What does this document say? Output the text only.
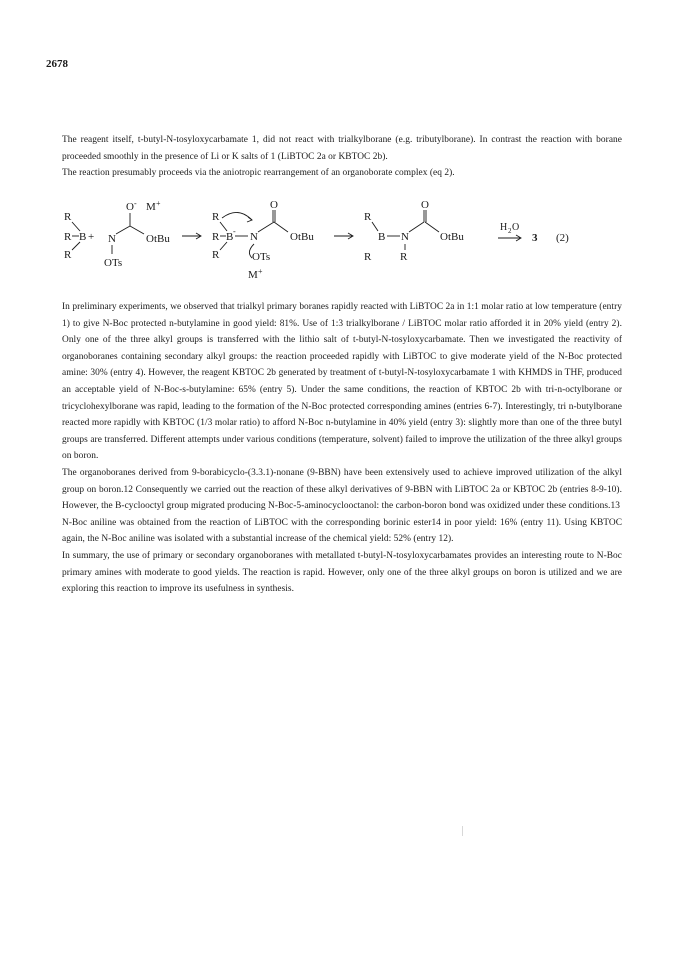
2678

The reagent itself, t-butyl-N-tosyloxycarbamate 1, did not react with trialkylborane (e.g. tributylborane). In contrast the reaction with borane proceeded smoothly in the presence of Li or K salts of 1 (LiBTOC 2a or KBTOC 2b).

The reaction presumably proceeds via the aniotropic rearrangement of an organoborate complex (eq 2).

R
R
R
B +
O - M +
N	OtBu
OTs
R
R
R
B - N
O
OtBu
OTs
M +
R
R
B N
O
OtBu
R
H 2 O
3 (2)

In preliminary experiments, we observed that trialkyl primary boranes rapidly reacted with LiBTOC 2a in 1:1 molar ratio at low temperature (entry 1) to give N-Boc protected n-butylamine in good yield: 81%. Use of 1:3 trialkylborane / LiBTOC molar ratio afforded it in 20% yield (entry 2). Only one of the three alkyl groups is transferred with the lithio salt of t-butyl-N-tosyloxycarbamate. Then we investigated the reactivity of organoboranes containing secondary alkyl groups: the reaction proceeded rapidly with LiBTOC to give moderate yield of the N-Boc protected amine: 30% (entry 4). However, the reagent KBTOC 2b generated by treatment of t-butyl-N-tosyloxycarbamate 1 with KHMDS in THF, produced an acceptable yield of N-Boc-s-butylamine: 65% (entry 5). Under the same conditions, the reaction of KBTOC 2b with tri-n-octylborane or tricyclohexylborane was rapid, leading to the formation of the N-Boc protected corresponding amines (entries 6-7). Interestingly, tri n-butylborane reacted more rapidly with KBTOC (1/3 molar ratio) to afford N-Boc n-butylamine in 40% yield (entry 3): slightly more than one of the three butyl groups are transferred. Different attempts under various conditions (temperature, solvent) failed to improve the utilization of the three alkyl groups on boron.

The organoboranes derived from 9-borabicyclo-(3.3.1)-nonane (9-BBN) have been extensively used to achieve improved utilization of the alkyl group on boron.12 Consequently we carried out the reaction of these alkyl derivatives of 9-BBN with LiBTOC 2a or KBTOC 2b (entries 8-9-10). However, the B-cyclooctyl group migrated producing N-Boc-5-aminocyclooctanol: the carbon-boron bond was oxidized under these conditions.13

N-Boc aniline was obtained from the reaction of LiBTOC with the corresponding borinic ester14 in poor yield: 16% (entry 11). Using KBTOC again, the N-Boc aniline was isolated with a substantial increase of the chemical yield: 52% (entry 12).

In summary, the use of primary or secondary organoboranes with metallated t-butyl-N-tosyloxycarbamates provides an interesting route to N-Boc primary amines with moderate to good yields. The reaction is rapid. However, only one of the three alkyl groups on boron is utilized and we are exploring this reaction to improve its usefulness in synthesis.
